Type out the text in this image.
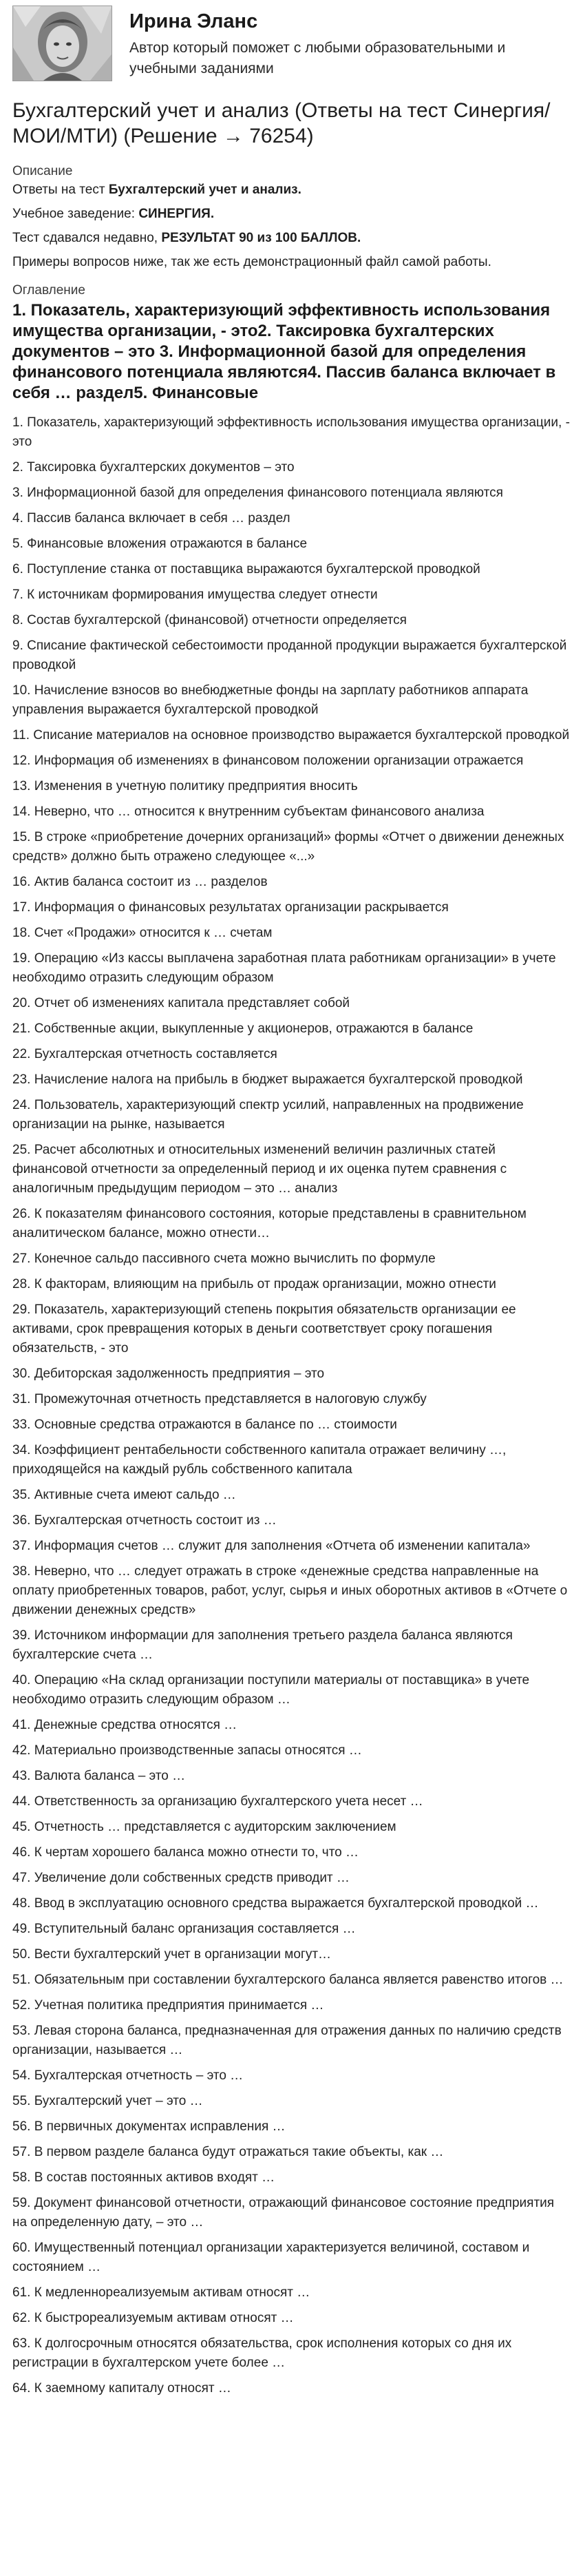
Ирина Эланс
Автор который поможет с любыми образовательными и учебными заданиями
Бухгалтерский учет и анализ (Ответы на тест Синергия/МОИ/МТИ) (Решение → 76254)
Описание

Ответы на тест Бухгалтерский учет и анализ.

Учебное заведение: СИНЕРГИЯ.

Тест сдавался недавно, РЕЗУЛЬТАТ 90 из 100 БАЛЛОВ.

Примеры вопросов ниже, так же есть демонстрационный файл самой работы.

Оглавление
1. Показатель, характеризующий эффективность использования имущества организации, - это2. Таксировка бухгалтерских документов – это 3. Информационной базой для определения финансового потенциала являются4. Пассив баланса включает в себя … раздел5. Финансовые
1. Показатель, характеризующий эффективность использования имущества организации, - это
2. Таксировка бухгалтерских документов – это
3. Информационной базой для определения финансового потенциала являются
4. Пассив баланса включает в себя … раздел
5. Финансовые вложения отражаются в балансе
6. Поступление станка от поставщика выражаются бухгалтерской проводкой
7. К источникам формирования имущества следует отнести
8. Состав бухгалтерской (финансовой) отчетности определяется
9. Списание фактической себестоимости проданной продукции выражается бухгалтерской проводкой
10. Начисление взносов во внебюджетные фонды на зарплату работников аппарата управления выражается бухгалтерской проводкой
11. Списание материалов на основное производство выражается бухгалтерской проводкой
12. Информация об изменениях в финансовом положении организации отражается
13. Изменения в учетную политику предприятия вносить
14. Неверно, что … относится к внутренним субъектам финансового анализа
15. В строке «приобретение дочерних организаций» формы «Отчет о движении денежных средств» должно быть отражено следующее «...»
16. Актив баланса состоит из … разделов
17. Информация о финансовых результатах организации раскрывается
18. Счет «Продажи» относится к … счетам
19. Операцию «Из кассы выплачена заработная плата работникам организации» в учете необходимо отразить следующим образом
20. Отчет об изменениях капитала представляет собой
21. Собственные акции, выкупленные у акционеров, отражаются в балансе
22. Бухгалтерская отчетность составляется
23. Начисление налога на прибыль в бюджет выражается бухгалтерской проводкой
24. Пользователь, характеризующий спектр усилий, направленных на продвижение организации на рынке, называется
25. Расчет абсолютных и относительных изменений величин различных статей финансовой отчетности за определенный период и их оценка путем сравнения с аналогичным предыдущим периодом – это … анализ
26. К показателям финансового состояния, которые представлены в сравнительном аналитическом балансе, можно отнести…
27. Конечное сальдо пассивного счета можно вычислить по формуле
28. К факторам, влияющим на прибыль от продаж организации, можно отнести
29. Показатель, характеризующий степень покрытия обязательств организации ее активами, срок превращения которых в деньги соответствует сроку погашения обязательств, - это
30. Дебиторская задолженность предприятия – это
31. Промежуточная отчетность представляется в налоговую службу
33. Основные средства отражаются в балансе по … стоимости
34. Коэффициент рентабельности собственного капитала отражает величину …, приходящейся на каждый рубль собственного капитала
35. Активные счета имеют сальдо …
36. Бухгалтерская отчетность состоит из …
37. Информация счетов … служит для заполнения «Отчета об изменении капитала»
38. Неверно, что … следует отражать в строке «денежные средства направленные на оплату приобретенных товаров, работ, услуг, сырья и иных оборотных активов в «Отчете о движении денежных средств»
39. Источником информации для заполнения третьего раздела баланса являются бухгалтерские счета …
40. Операцию «На склад организации поступили материалы от поставщика» в учете необходимо отразить следующим образом …
41. Денежные средства относятся …
42. Материально производственные запасы относятся …
43. Валюта баланса – это …
44. Ответственность за организацию бухгалтерского учета несет …
45. Отчетность … представляется с аудиторским заключением
46. К чертам хорошего баланса можно отнести то, что …
47. Увеличение доли собственных средств приводит …
48. Ввод в эксплуатацию основного средства выражается бухгалтерской проводкой …
49. Вступительный баланс организация составляется …
50. Вести бухгалтерский учет в организации могут…
51. Обязательным при составлении бухгалтерского баланса является равенство итогов …
52. Учетная политика предприятия принимается …
53. Левая сторона баланса, предназначенная для отражения данных по наличию средств организации, называется …
54. Бухгалтерская отчетность – это …
55. Бухгалтерский учет – это …
56. В первичных документах исправления …
57. В первом разделе баланса будут отражаться такие объекты, как …
58. В состав постоянных активов входят …
59. Документ финансовой отчетности, отражающий финансовое состояние предприятия на определенную дату, – это …
60. Имущественный потенциал организации характеризуется величиной, составом и состоянием …
61. К медленнореализуемым активам относят …
62. К быстрореализуемым активам относят …
63. К долгосрочным относятся обязательства, срок исполнения которых со дня их регистрации в бухгалтерском учете более …
64. К заемному капиталу относят …
